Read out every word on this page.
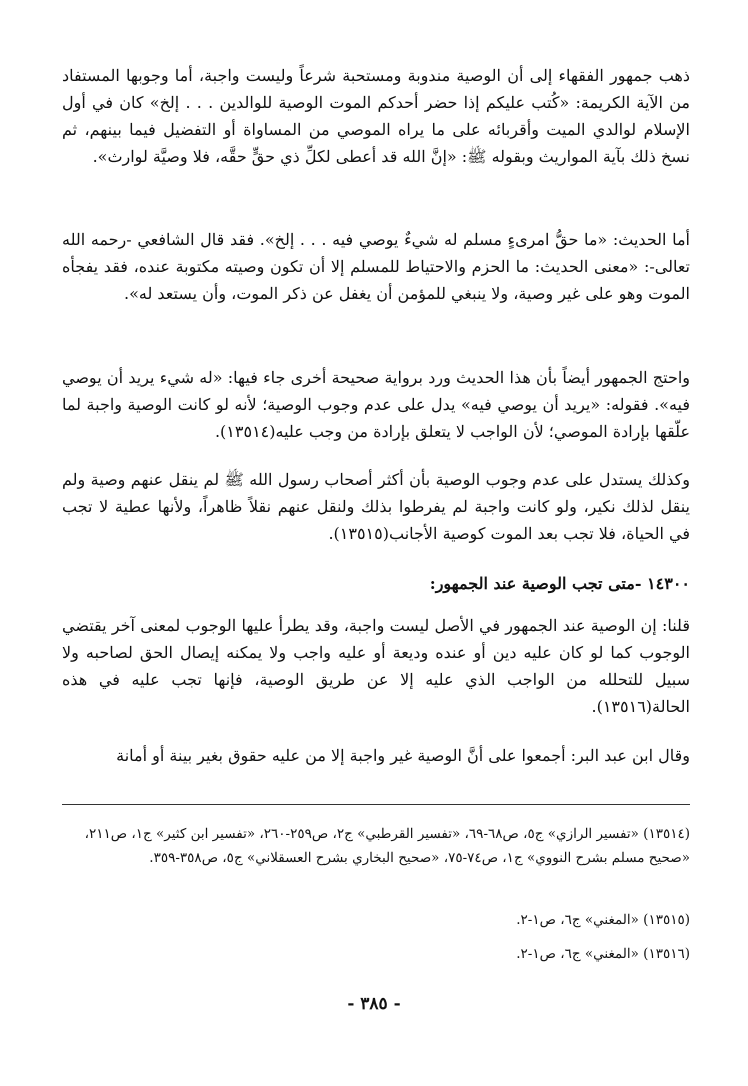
ذهب جمهور الفقهاء إلى أن الوصية مندوبة ومستحبة شرعاً وليست واجبة، أما وجوبها المستفاد من الآية الكريمة: «كُتب عليكم إذا حضر أحدكم الموت الوصية للوالدين . . . إلخ» كان في أول الإسلام لوالدي الميت وأقربائه على ما يراه الموصي من المساواة أو التفضيل فيما بينهم، ثم نسخ ذلك بآية المواريث وبقوله ﷺ: «إنَّ الله قد أعطى لكلِّ ذي حقٍّ حقَّه، فلا وصيَّة لوارث».

أما الحديث: «ما حقُّ امرىءٍ مسلم له شيءٌ يوصي فيه . . . إلخ». فقد قال الشافعي -رحمه الله تعالى-: «معنى الحديث: ما الحزم والاحتياط للمسلم إلا أن تكون وصيته مكتوبة عنده، فقد يفجأه الموت وهو على غير وصية، ولا ينبغي للمؤمن أن يغفل عن ذكر الموت، وأن يستعد له».

واحتج الجمهور أيضاً بأن هذا الحديث ورد برواية صحيحة أخرى جاء فيها: «له شيء يريد أن يوصي فيه». فقوله: «يريد أن يوصي فيه» يدل على عدم وجوب الوصية؛ لأنه لو كانت الوصية واجبة لما علّقها بإرادة الموصي؛ لأن الواجب لا يتعلق بإرادة من وجب عليه(١٣٥١٤).

وكذلك يستدل على عدم وجوب الوصية بأن أكثر أصحاب رسول الله ﷺ لم ينقل عنهم وصية ولم ينقل لذلك نكير، ولو كانت واجبة لم يفرطوا بذلك ولنقل عنهم نقلاً ظاهراً، ولأنها عطية لا تجب في الحياة، فلا تجب بعد الموت كوصية الأجانب(١٣٥١٥).

١٤٣٠٠ -متى تجب الوصية عند الجمهور:

قلنا: إن الوصية عند الجمهور في الأصل ليست واجبة، وقد يطرأ عليها الوجوب لمعنى آخر يقتضي الوجوب كما لو كان عليه دين أو عنده وديعة أو عليه واجب ولا يمكنه إيصال الحق لصاحبه ولا سبيل للتحلله من الواجب الذي عليه إلا عن طريق الوصية، فإنها تجب عليه في هذه الحالة(١٣٥١٦).

وقال ابن عبد البر: أجمعوا على أنَّ الوصية غير واجبة إلا من عليه حقوق بغير بينة أو أمانة

(١٣٥١٤) «تفسير الرازي» ج٥، ص٦٨-٦٩، «تفسير القرطبي» ج٢، ص٢٥٩-٢٦٠، «تفسير ابن كثير» ج١، ص٢١١، «صحيح مسلم بشرح النووي» ج١، ص٧٤-٧٥، «صحيح البخاري بشرح العسقلاني» ج٥، ص٣٥٨-٣٥٩.

(١٣٥١٥) «المغني» ج٦، ص١-٢.

(١٣٥١٦) «المغني» ج٦، ص١-٢.

- ٣٨٥ -
